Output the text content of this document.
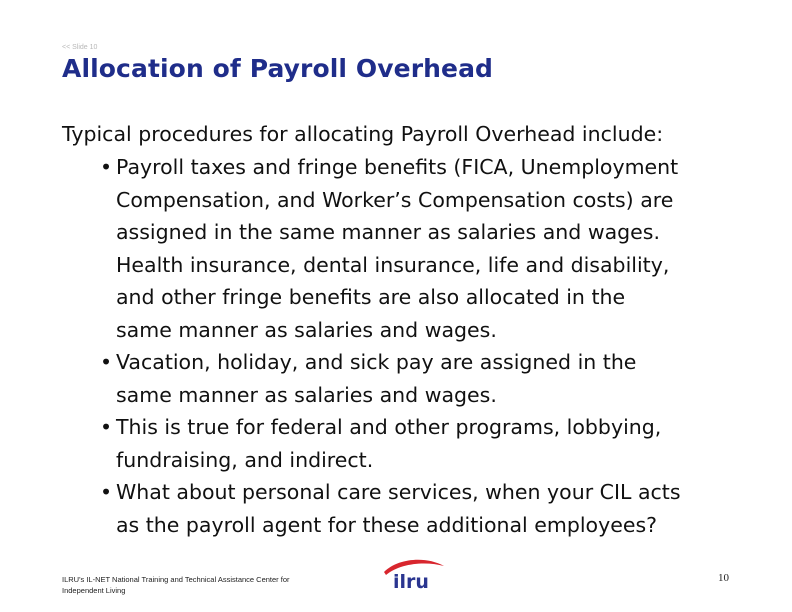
<< Slide 10
Allocation of Payroll Overhead
Typical procedures for allocating Payroll Overhead include:
• Payroll taxes and fringe benefits (FICA, Unemployment
Compensation, and Worker’s Compensation costs) are
assigned in the same manner as salaries and wages.
Health insurance, dental insurance, life and disability,
and other fringe benefits are also allocated in the
same manner as salaries and wages.
• Vacation, holiday, and sick pay are assigned in the
same manner as salaries and wages.
• This is true for federal and other programs, lobbying,
fundraising, and indirect.
• What about personal care services, when your CIL acts
as the payroll agent for these additional employees?
ILRU's IL-NET National Training and Technical Assistance Center for
Independent Living	ilru	10
